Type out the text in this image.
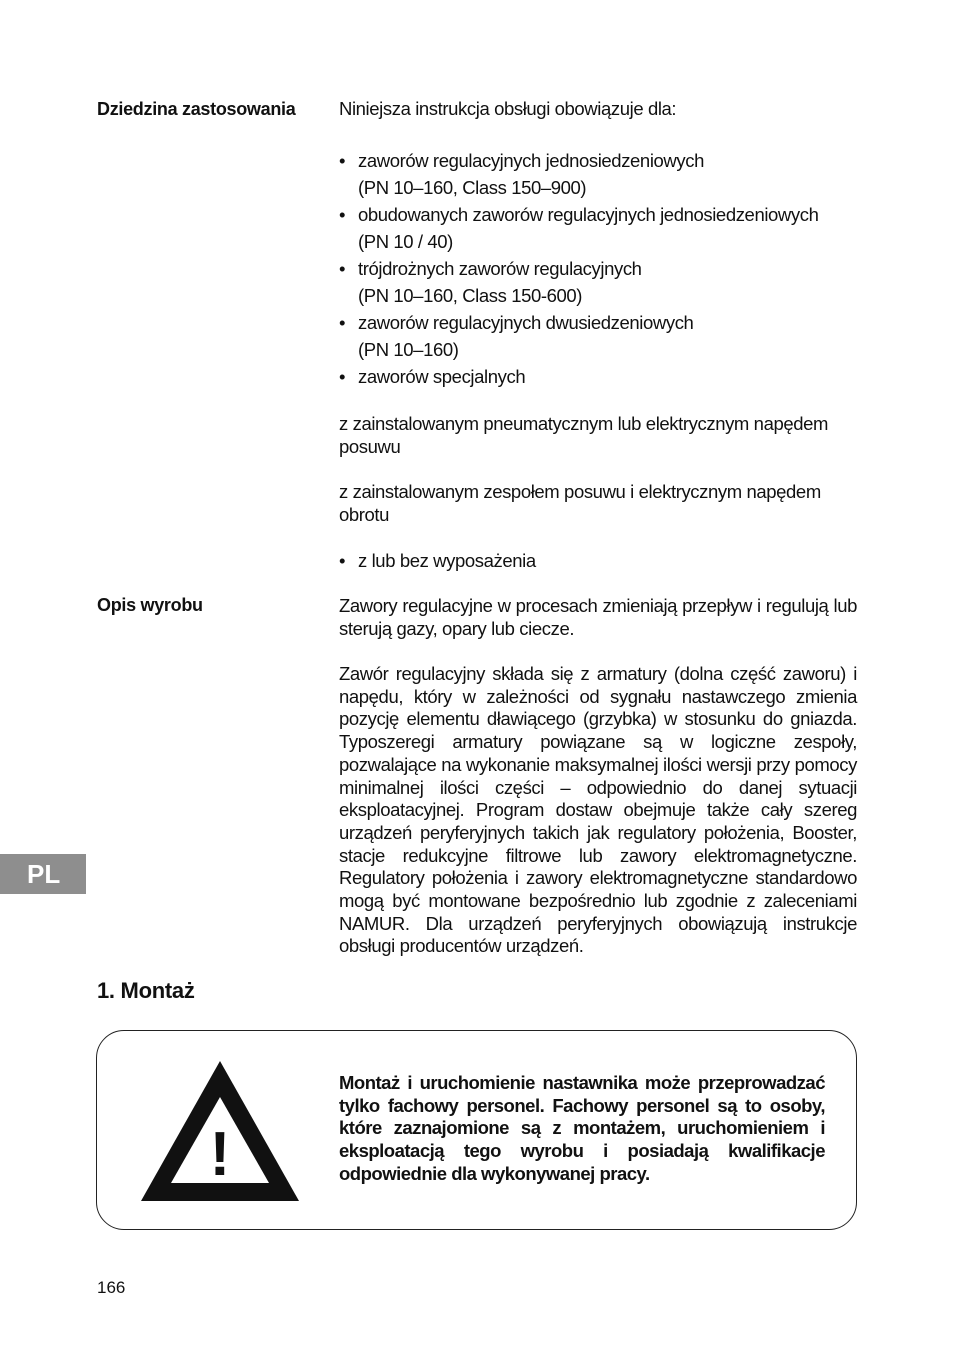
Dziedzina zastosowania Niniejsza instrukcja obsługi obowiązuje dla:
• zaworów regulacyjnych jednosiedzeniowych
(PN 10–160, Class 150–900)
• obudowanych zaworów regulacyjnych jednosiedzeniowych
(PN 10 / 40)
• trójdrożnych zaworów regulacyjnych
(PN 10–160, Class 150-600)
• zaworów regulacyjnych dwusiedzeniowych
(PN 10–160)
• zaworów specjalnych
z zainstalowanym pneumatycznym lub elektrycznym napędem posuwu
z zainstalowanym zespołem posuwu i elektrycznym napędem obrotu
• z lub bez wyposażenia
Opis wyrobu	Zawory regulacyjne w procesach zmieniają przepływ i regulują lub sterują gazy, opary lub ciecze.
Zawór regulacyjny składa się z armatury (dolna część zaworu) i napędu, który w zależności od sygnału nastawczego zmienia pozycję elementu dławiącego (grzybka) w stosunku do gniazda. Typoszeregi armatury powiązane są w logiczne zespoły, pozwalające na wykonanie maksymalnej ilości wersji przy pomocy minimalnej ilości części – odpowiednio do danej sytuacji eksploatacyjnej. Program dostaw obejmuje także cały szereg urządzeń peryferyjnych takich jak regulatory położenia, Booster, stacje redukcyjne filtrowe lub zawory elektromagnetyczne. Regulatory położenia i zawory elektromagnetyczne standardowo mogą być montowane bezpośrednio lub zgodnie z zaleceniami NAMUR. Dla urządzeń peryferyjnych obowiązują instrukcje obsługi producentów urządzeń.
PL
1. Montaż
!
Montaż i uruchomienie nastawnika może przeprowadzać tylko fachowy personel. Fachowy personel są to osoby, które zaznajomione są z montażem, uruchomieniem i eksploatacją tego wyrobu i posiadają kwalifikacje odpowiednie dla wykonywanej pracy.
166
